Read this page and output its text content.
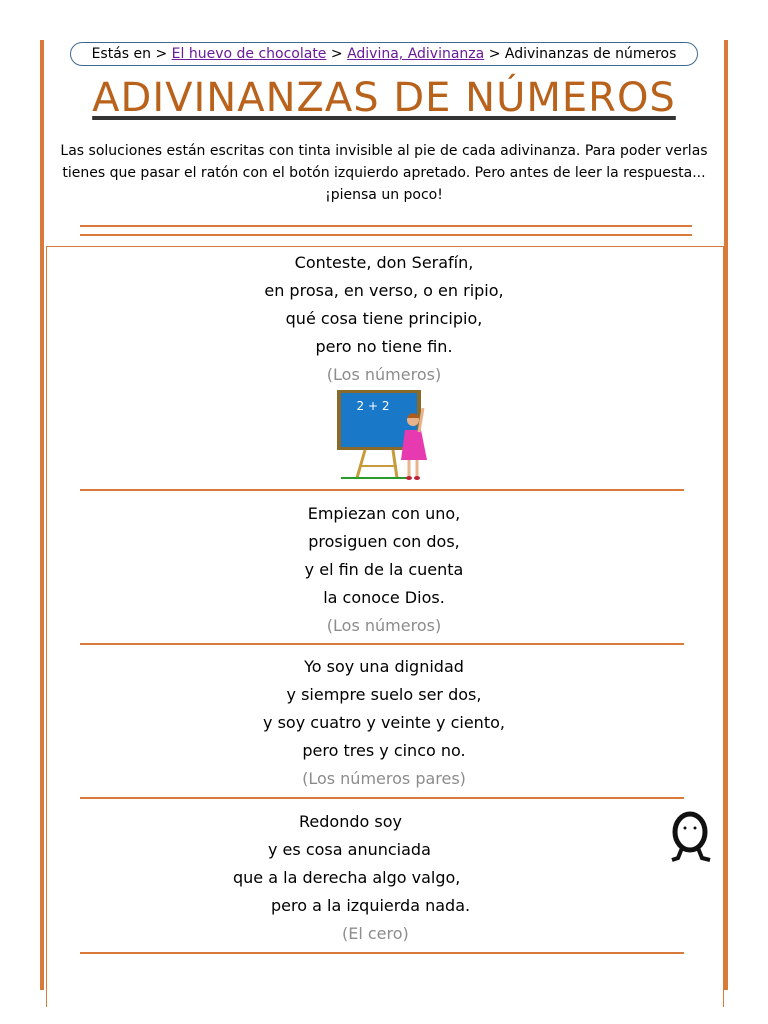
Estás en > El huevo de chocolate > Adivina, Adivinanza > Adivinanzas de números
ADIVINANZAS DE NÚMEROS
Las soluciones están escritas con tinta invisible al pie de cada adivinanza. Para poder verlas tienes que pasar el ratón con el botón izquierdo apretado. Pero antes de leer la respuesta... ¡piensa un poco!
Conteste, don Serafín,
en prosa, en verso, o en ripio,
qué cosa tiene principio,
pero no tiene fin.
(Los números)
2 + 2
Empiezan con uno,
prosiguen con dos,
y el fin de la cuenta
la conoce Dios.
(Los números)
Yo soy una dignidad
y siempre suelo ser dos,
y soy cuatro y veinte y ciento,
pero tres y cinco no.
(Los números pares)
Redondo soy
y es cosa anunciada
que a la derecha algo valgo,
pero a la izquierda nada.
(El cero)
